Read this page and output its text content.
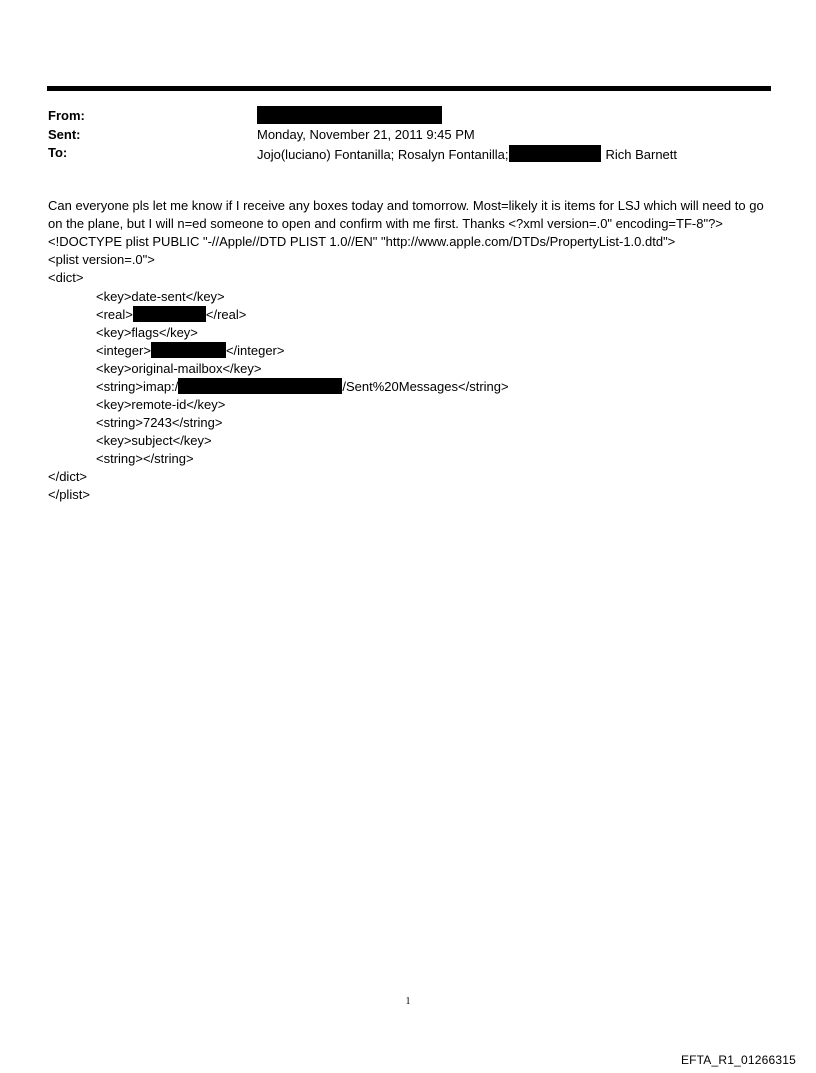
From:
Sent:	Monday, November 21, 2011 9:45 PM
To:	Jojo(luciano) Fontanilla; Rosalyn Fontanilla;	Rich Barnett
Can everyone pls let me know if I receive any boxes today and tomorrow. Most=likely it is items for LSJ which will need to go on the plane, but I will n=ed someone to open and confirm with me first. Thanks <?xml version=.0" encoding=TF-8"?> <!DOCTYPE plist PUBLIC "-//Apple//DTD PLIST 1.0//EN" "http://www.apple.com/DTDs/PropertyList-1.0.dtd">
<plist version=.0">
<dict>
<key>date-sent</key>
<real>	</real>
<key>flags</key>
<integer>	</integer>
<key>original-mailbox</key>
<string>imap:/	/Sent%20Messages</string>
<key>remote-id</key>
<string>7243</string>
<key>subject</key>
<string></string>
</dict>
</plist>
1
EFTA_R1_01266315
